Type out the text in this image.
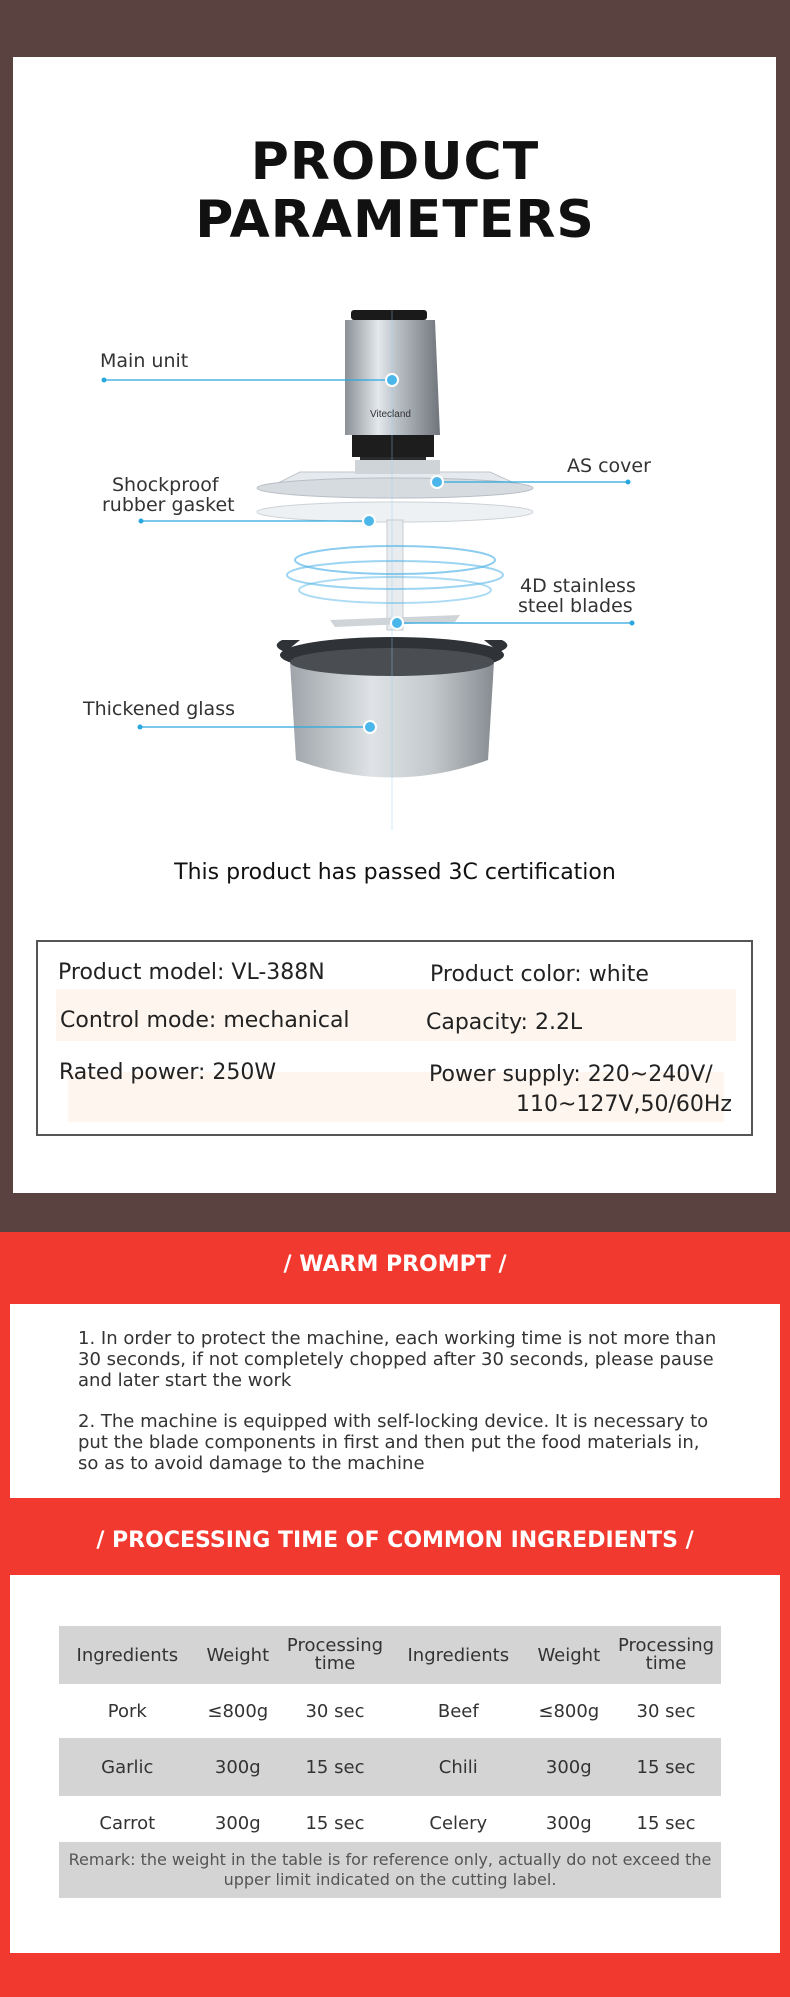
PRODUCT
PARAMETERS
Vitecland
Main unit
AS cover
Shockproof
rubber gasket
4D stainless
steel blades
Thickened glass
This product has passed 3C certification
Product model: VL-388N	Product color: white
Control mode: mechanical	Capacity: 2.2L
Rated power: 250W	Power supply: 220~240V/
110~127V,50/60Hz
/ WARM PROMPT /
1. In order to protect the machine, each working time is not more than 30 seconds, if not completely chopped after 30 seconds, please pause and later start the work
2. The machine is equipped with self-locking device. It is necessary to put the blade components in first and then put the food materials in, so as to avoid damage to the machine
/ PROCESSING TIME OF COMMON INGREDIENTS /
Ingredients	Weight	Processing time	Ingredients	Weight	Processing time
Pork	≤800g	30 sec	Beef	≤800g	30 sec
Garlic	300g	15 sec	Chili	300g	15 sec
Carrot	300g	15 sec	Celery	300g	15 sec
Remark: the weight in the table is for reference only, actually do not exceed the upper limit indicated on the cutting label.
